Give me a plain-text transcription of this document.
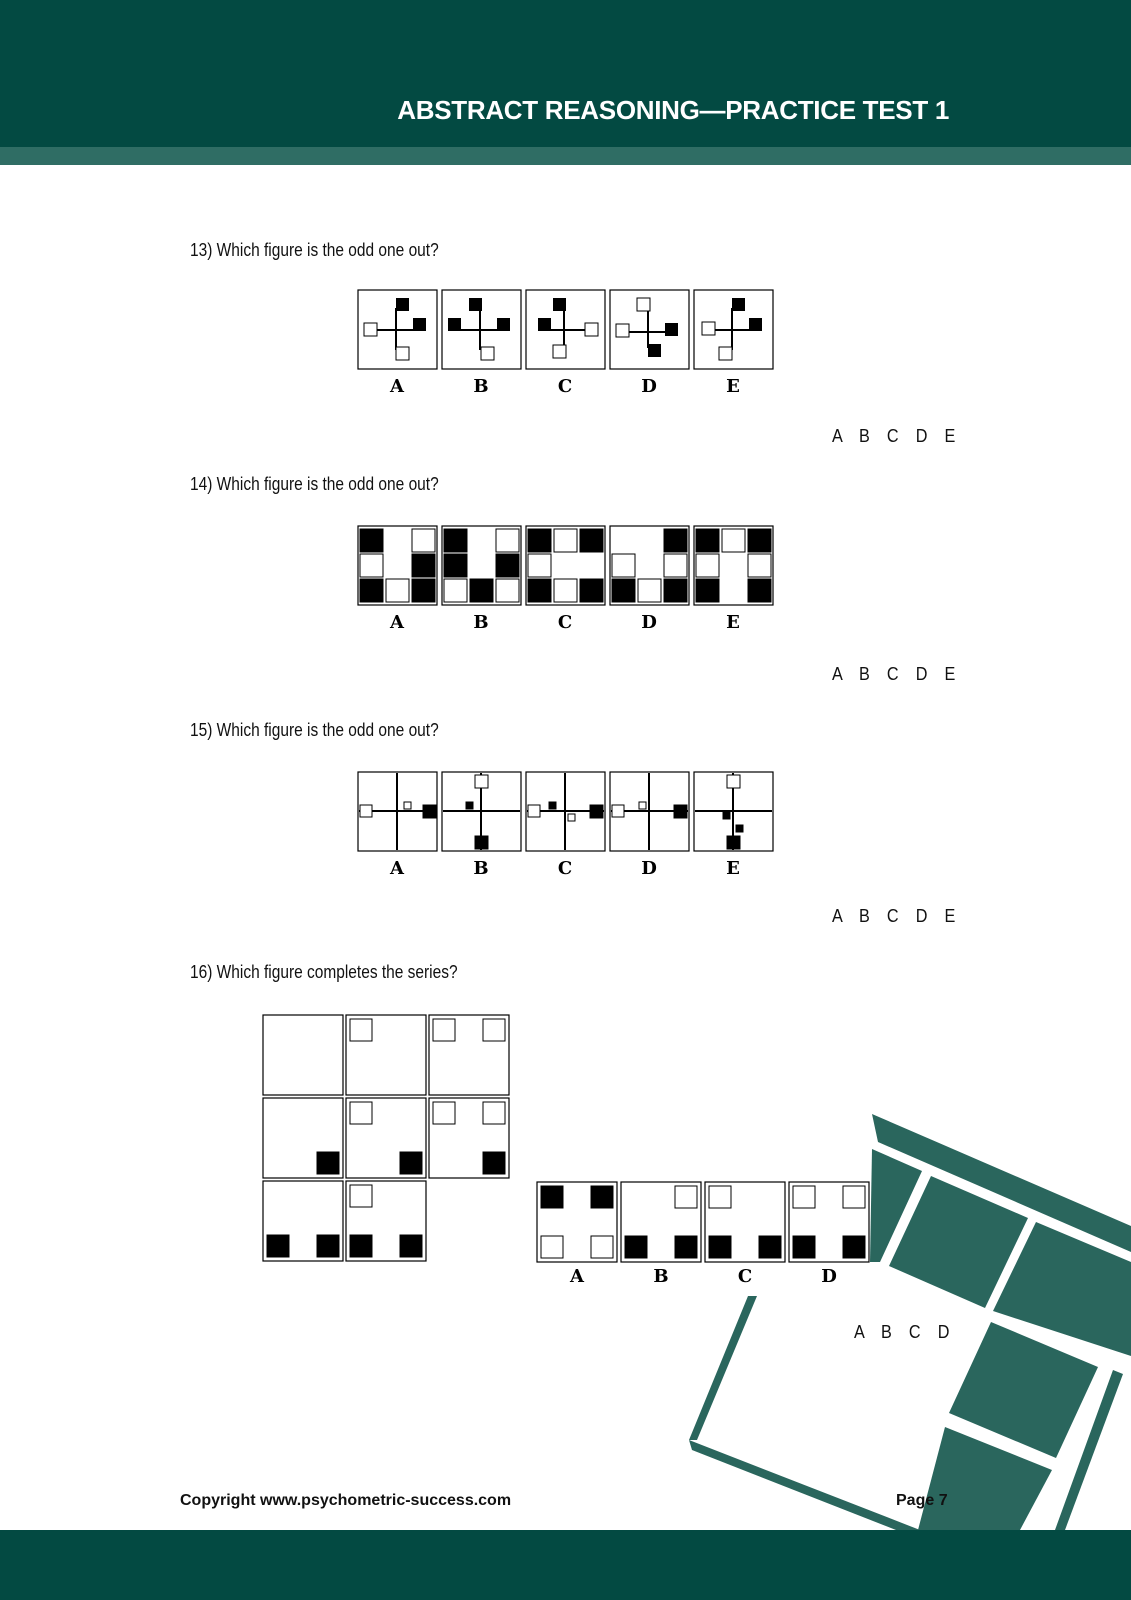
ABSTRACT REASONING—PRACTICE TEST 1
13) Which figure is the odd one out?
A	B	C	D	E
A B C D E
14) Which figure is the odd one out?
A	B	C	D	E
A B C D E
15) Which figure is the odd one out?
A	B	C	D	E
A B C D E
16) Which figure completes the series?
A	B	C	D
A B C D
Copyright www.psychometric-success.com	Page 7
